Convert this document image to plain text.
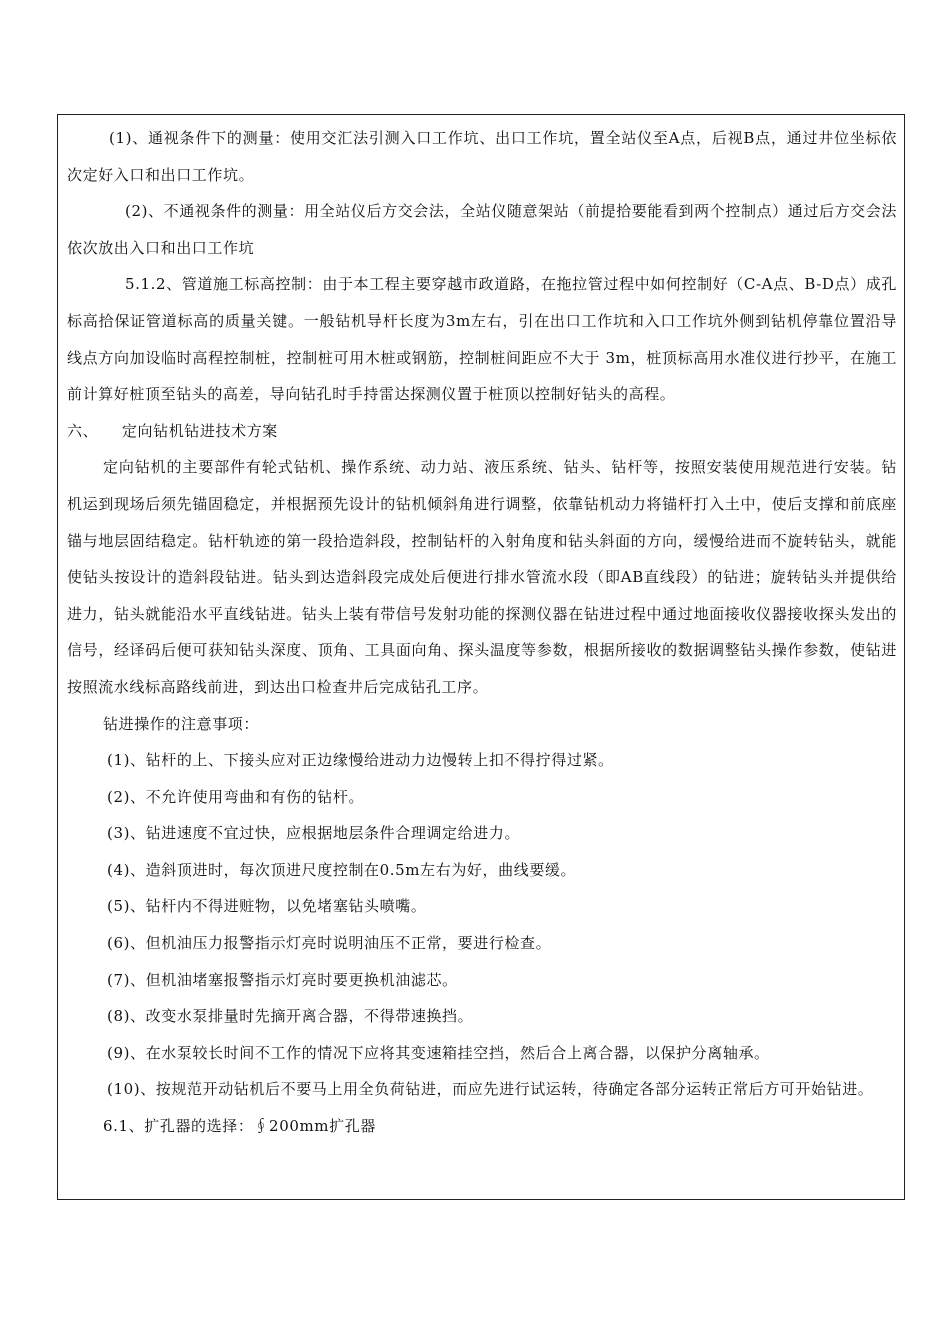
(1)、通视条件下的测量：使用交汇法引测入口工作坑、出口工作坑，置全站仪至A点，后视B点，通过井位坐标依次定好入口和出口工作坑。

(2)、不通视条件的测量：用全站仪后方交会法，全站仪随意架站（前提拾要能看到两个控制点）通过后方交会法依次放出入口和出口工作坑

5.1.2、管道施工标高控制：由于本工程主要穿越市政道路，在拖拉管过程中如何控制好（C-A点、B-D点）成孔标高拾保证管道标高的质量关键。一般钻机导杆长度为3m左右，引在出口工作坑和入口工作坑外侧到钻机停靠位置沿导线点方向加设临时高程控制桩，控制桩可用木桩或钢筋，控制桩间距应不大于 3m，桩顶标高用水准仪进行抄平，在施工前计算好桩顶至钻头的高差，导向钻孔时手持雷达探测仪置于桩顶以控制好钻头的高程。

六、　　定向钻机钻进技术方案

定向钻机的主要部件有轮式钻机、操作系统、动力站、液压系统、钻头、钻杆等，按照安装使用规范进行安装。钻机运到现场后须先锚固稳定，并根据预先设计的钻机倾斜角进行调整，依靠钻机动力将锚杆打入土中，使后支撑和前底座锚与地层固结稳定。钻杆轨迹的第一段拾造斜段，控制钻杆的入射角度和钻头斜面的方向，缓慢给进而不旋转钻头，就能使钻头按设计的造斜段钻进。钻头到达造斜段完成处后便进行排水管流水段（即AB直线段）的钻进；旋转钻头并提供给进力，钻头就能沿水平直线钻进。钻头上装有带信号发射功能的探测仪器在钻进过程中通过地面接收仪器接收探头发出的信号，经译码后便可获知钻头深度、顶角、工具面向角、探头温度等参数，根据所接收的数据调整钻头操作参数，使钻进按照流水线标高路线前进，到达出口检查井后完成钻孔工序。

钻进操作的注意事项：

(1)、钻杆的上、下接头应对正边缘慢给进动力边慢转上扣不得拧得过紧。

(2)、不允许使用弯曲和有伤的钻杆。

(3)、钻进速度不宜过快，应根据地层条件合理调定给进力。

(4)、造斜顶进时，每次顶进尺度控制在0.5m左右为好，曲线要缓。

(5)、钻杆内不得进赃物，以免堵塞钻头喷嘴。

(6)、但机油压力报警指示灯亮时说明油压不正常，要进行检查。

(7)、但机油堵塞报警指示灯亮时要更换机油滤芯。

(8)、改变水泵排量时先摘开离合器，不得带速换挡。

(9)、在水泵较长时间不工作的情况下应将其变速箱挂空挡，然后合上离合器，以保护分离轴承。

(10)、按规范开动钻机后不要马上用全负荷钻进，而应先进行试运转，待确定各部分运转正常后方可开始钻进。

6.1、扩孔器的选择：∮200mm扩孔器
